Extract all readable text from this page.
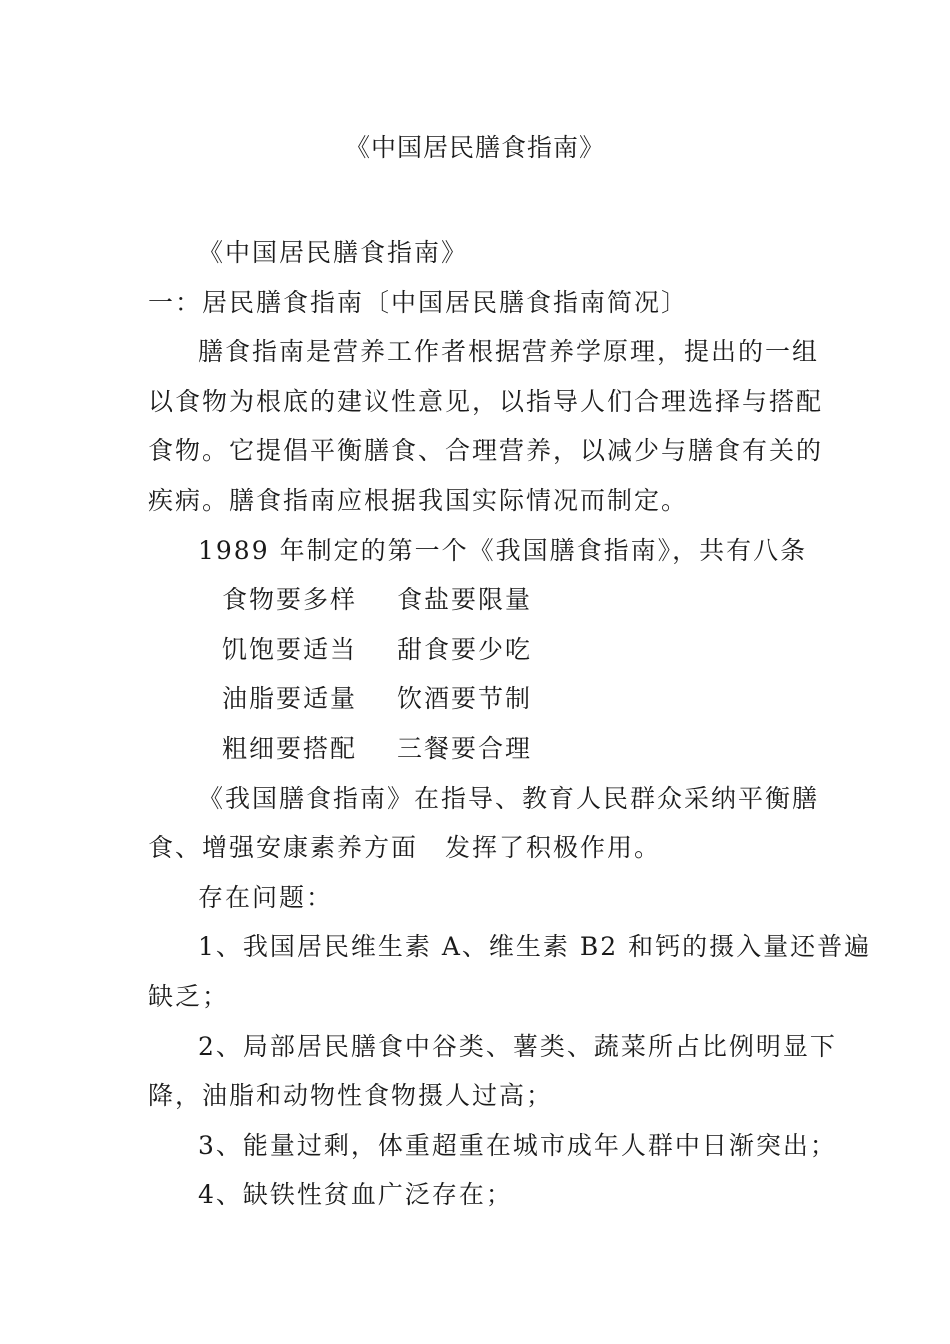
《中国居民膳食指南》

《中国居民膳食指南》

一：居民膳食指南〔中国居民膳食指南简况〕

膳食指南是营养工作者根据营养学原理，提出的一组

以食物为根底的建议性意见，以指导人们合理选择与搭配

食物。它提倡平衡膳食、合理营养，以减少与膳食有关的

疾病。膳食指南应根据我国实际情况而制定。

1989 年制定的第一个《我国膳食指南》，共有八条

食物要多样 食盐要限量

饥饱要适当 甜食要少吃

油脂要适量 饮酒要节制

粗细要搭配 三餐要合理

《我国膳食指南》在指导、教育人民群众采纳平衡膳

食、增强安康素养方面　发挥了积极作用。

存在问题：

1、我国居民维生素 A、维生素 B2 和钙的摄入量还普遍

缺乏；

2、局部居民膳食中谷类、薯类、蔬菜所占比例明显下

降，油脂和动物性食物摄人过高；

3、能量过剩，体重超重在城市成年人群中日渐突出；

4、缺铁性贫血广泛存在；
